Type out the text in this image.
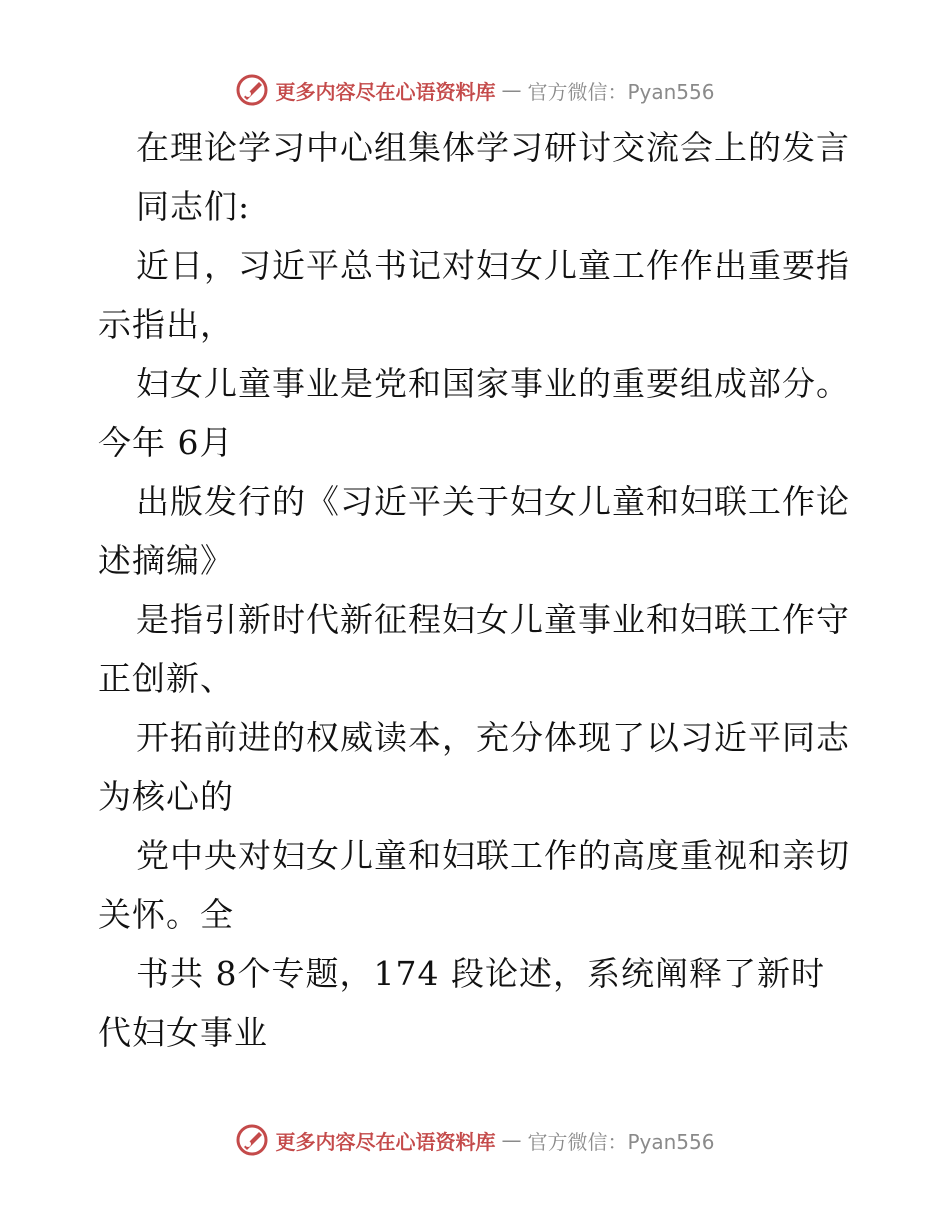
更多内容尽在心语资料库 — 官方微信：Pyan556
在理论学习中心组集体学习研讨交流会上的发言
同志们:
近日，习近平总书记对妇女儿童工作作出重要指
示指出，
妇女儿童事业是党和国家事业的重要组成部分。
今年 6月
出版发行的《习近平关于妇女儿童和妇联工作论
述摘编》
是指引新时代新征程妇女儿童事业和妇联工作守
正创新、
开拓前进的权威读本，充分体现了以习近平同志
为核心的
党中央对妇女儿童和妇联工作的高度重视和亲切
关怀。全
书共 8个专题，174 段论述，系统阐释了新时
代妇女事业
更多内容尽在心语资料库 — 官方微信：Pyan556
